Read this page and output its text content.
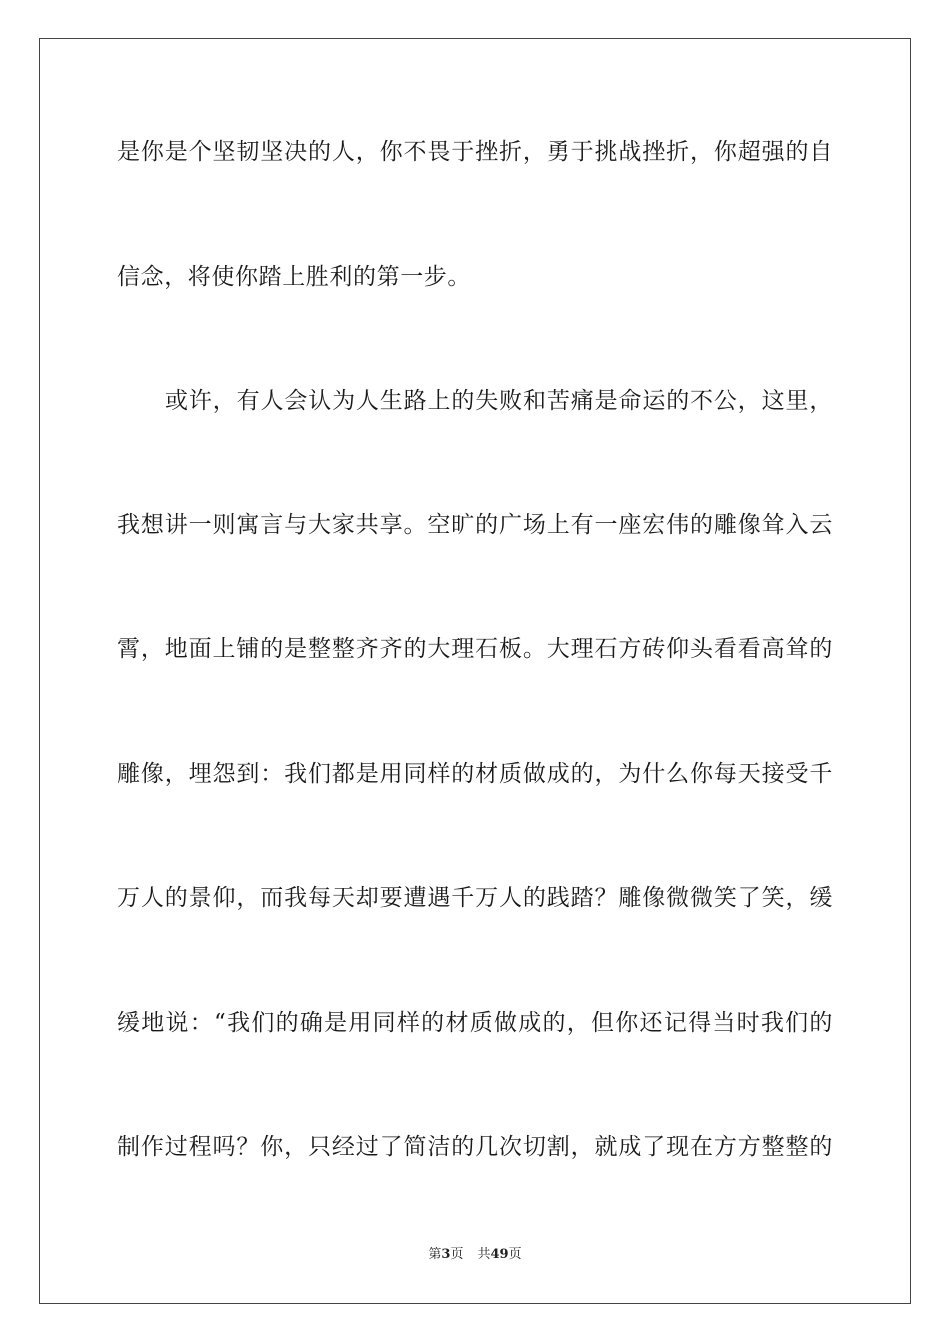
是你是个坚韧坚决的人，你不畏于挫折，勇于挑战挫折，你超强的自
信念，将使你踏上胜利的第一步。
或许，有人会认为人生路上的失败和苦痛是命运的不公，这里，
我想讲一则寓言与大家共享。空旷的广场上有一座宏伟的雕像耸入云
霄，地面上铺的是整整齐齐的大理石板。大理石方砖仰头看看高耸的
雕像，埋怨到：我们都是用同样的材质做成的，为什么你每天接受千
万人的景仰，而我每天却要遭遇千万人的践踏？雕像微微笑了笑，缓
缓地说：“我们的确是用同样的材质做成的，但你还记得当时我们的
制作过程吗？你，只经过了简洁的几次切割，就成了现在方方整整的
第3页 共49页
